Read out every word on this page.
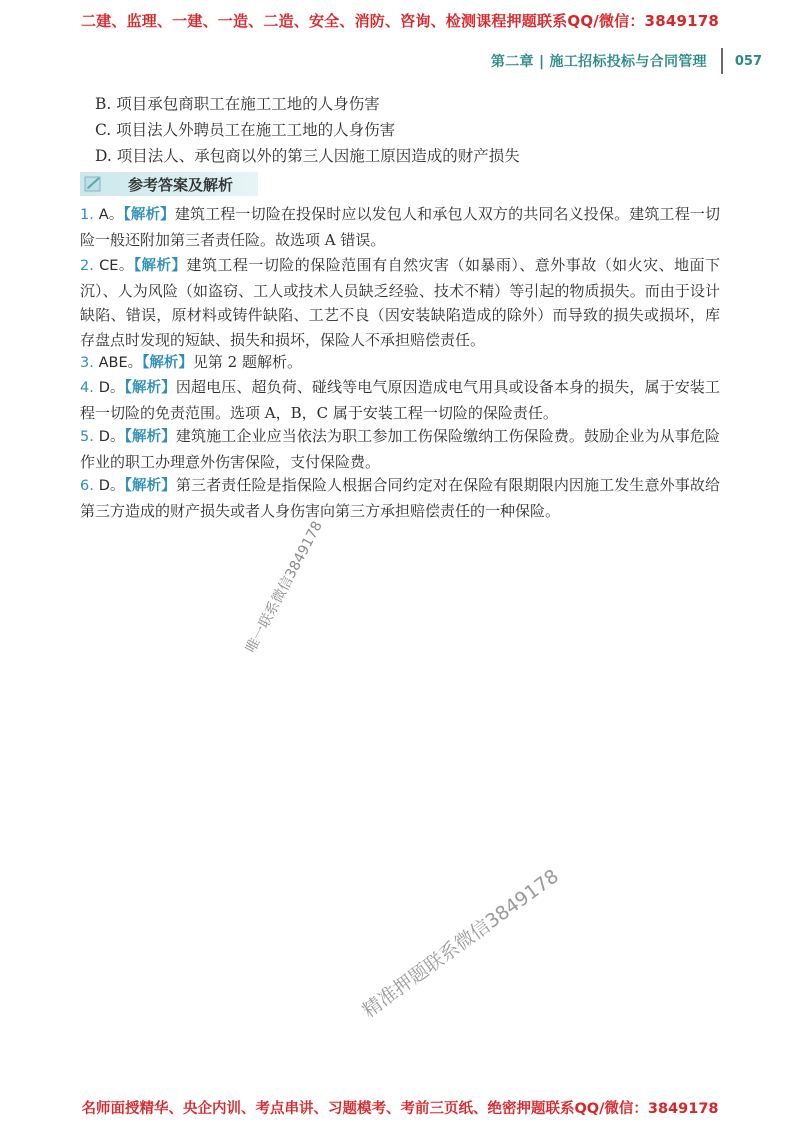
二建、监理、一建、一造、二造、安全、消防、咨询、检测课程押题联系QQ/微信：3849178
第二章 | 施工招标投标与合同管理 057
B. 项目承包商职工在施工工地的人身伤害
C. 项目法人外聘员工在施工工地的人身伤害
D. 项目法人、承包商以外的第三人因施工原因造成的财产损失
参考答案及解析
1. A。【解析】建筑工程一切险在投保时应以发包人和承包人双方的共同名义投保。建筑工程一切险一般还附加第三者责任险。故选项 A 错误。
2. CE。【解析】建筑工程一切险的保险范围有自然灾害（如暴雨）、意外事故（如火灾、地面下沉）、人为风险（如盗窃、工人或技术人员缺乏经验、技术不精）等引起的物质损失。而由于设计缺陷、错误，原材料或铸件缺陷、工艺不良（因安装缺陷造成的除外）而导致的损失或损坏，库存盘点时发现的短缺、损失和损坏，保险人不承担赔偿责任。
3. ABE。【解析】见第 2 题解析。
4. D。【解析】因超电压、超负荷、碰线等电气原因造成电气用具或设备本身的损失，属于安装工程一切险的免责范围。选项 A，B，C 属于安装工程一切险的保险责任。
5. D。【解析】建筑施工企业应当依法为职工参加工伤保险缴纳工伤保险费。鼓励企业为从事危险作业的职工办理意外伤害保险，支付保险费。
6. D。【解析】第三者责任险是指保险人根据合同约定对在保险有限期限内因施工发生意外事故给第三方造成的财产损失或者人身伤害向第三方承担赔偿责任的一种保险。
唯一联系微信3849178
精准押题联系微信3849178
名师面授精华、央企内训、考点串讲、习题模考、考前三页纸、绝密押题联系QQ/微信：3849178
